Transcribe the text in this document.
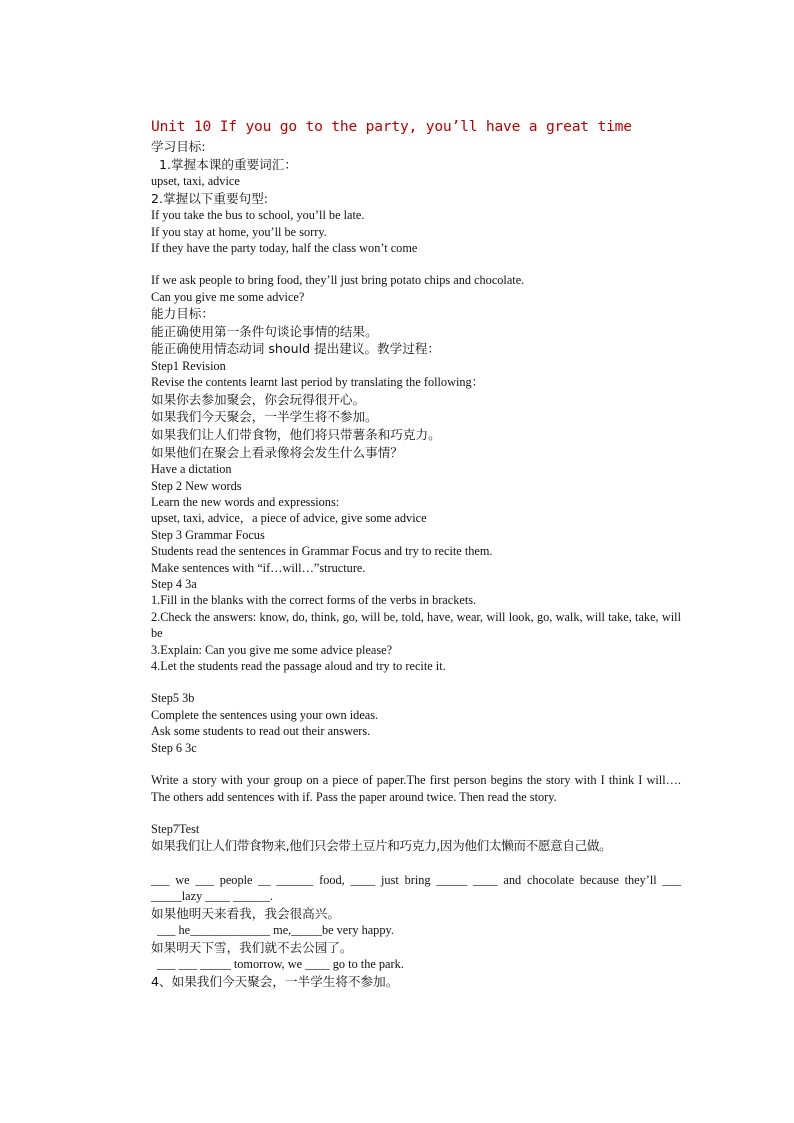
Unit 10 If you go to the party, you’ll have a great time
学习目标:
1.掌握本课的重要词汇：
upset, taxi, advice
2.掌握以下重要句型:
If you take the bus to school, you’ll be late.
If you stay at home, you’ll be sorry.
If they have the party today, half the class won’t come
If we ask people to bring food, they’ll just bring potato chips and chocolate.
Can you give me some advice?
能力目标：
能正确使用第一条件句谈论事情的结果。
能正确使用情态动词 should 提出建议。教学过程：
Step1 Revision
Revise the contents learnt last period by translating the following：
如果你去参加聚会，你会玩得很开心。
如果我们今天聚会，一半学生将不参加。
如果我们让人们带食物，他们将只带薯条和巧克力。
如果他们在聚会上看录像将会发生什么事情？
Have a dictation
Step 2 New words
Learn the new words and expressions:
upset, taxi, advice，a piece of advice, give some advice
Step 3 Grammar Focus
Students read the sentences in Grammar Focus and try to recite them.
Make sentences with “if…will…”structure.
Step 4 3a
1.Fill in the blanks with the correct forms of the verbs in brackets.
2.Check the answers: know, do, think, go, will be, told, have, wear, will look, go, walk, will take, take, will be
3.Explain: Can you give me some advice please?
4.Let the students read the passage aloud and try to recite it.
Step5 3b
Complete the sentences using your own ideas.
Ask some students to read out their answers.
Step 6 3c
Write a story with your group on a piece of paper.The first person begins the story with I think I will…. The others add sentences with if. Pass the paper around twice. Then read the story.
Step7Test
如果我们让人们带食物来,他们只会带土豆片和巧克力,因为他们太懒而不愿意自己做。
___ we ___ people __ ______ food, ____ just bring _____ ____ and chocolate because they’ll ___ _____lazy ____ ______.
如果他明天来看我，我会很高兴。
___ he_____________ me,_____be very happy.
如果明天下雪，我们就不去公园了。
___ ___ _____ tomorrow, we ____ go to the park.
4、如果我们今天聚会，一半学生将不参加。
